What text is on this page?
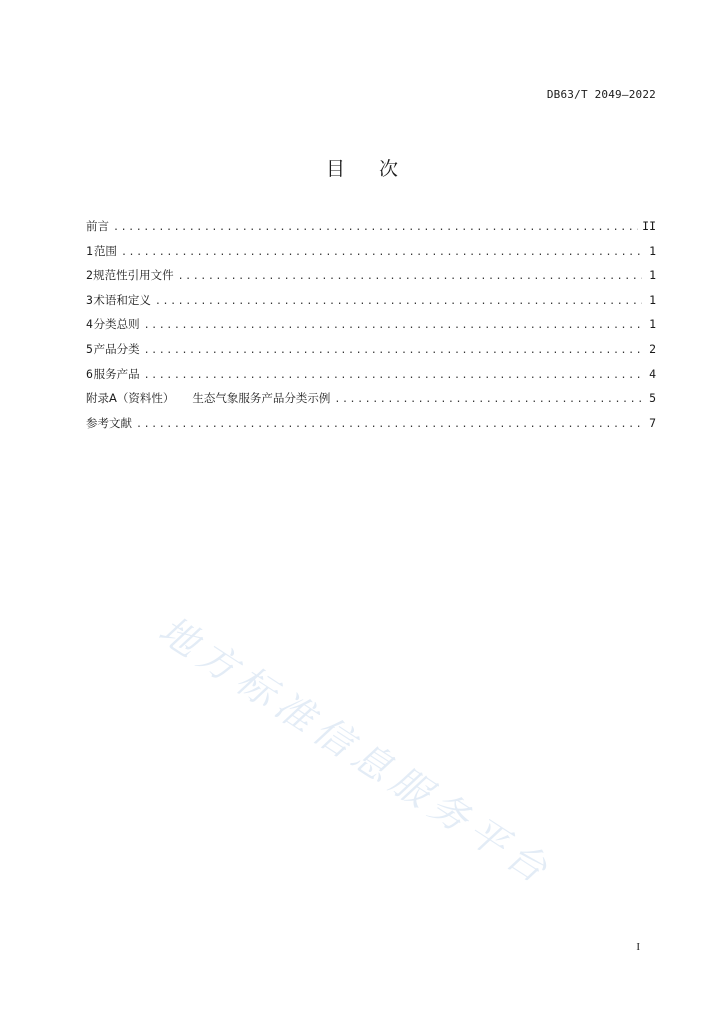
DB63/T 2049—2022
目 次
前言 .....	II
1 范围 .....	1
2 规范性引用文件 .....	1
3 术语和定义 .....	1
4 分类总则 .....	1
5 产品分类 .....	2
6 服务产品 .....	4
附录A（资料性） 生态气象服务产品分类示例 .....	5
参考文献 .....	7
地方标准信息服务平台
I
